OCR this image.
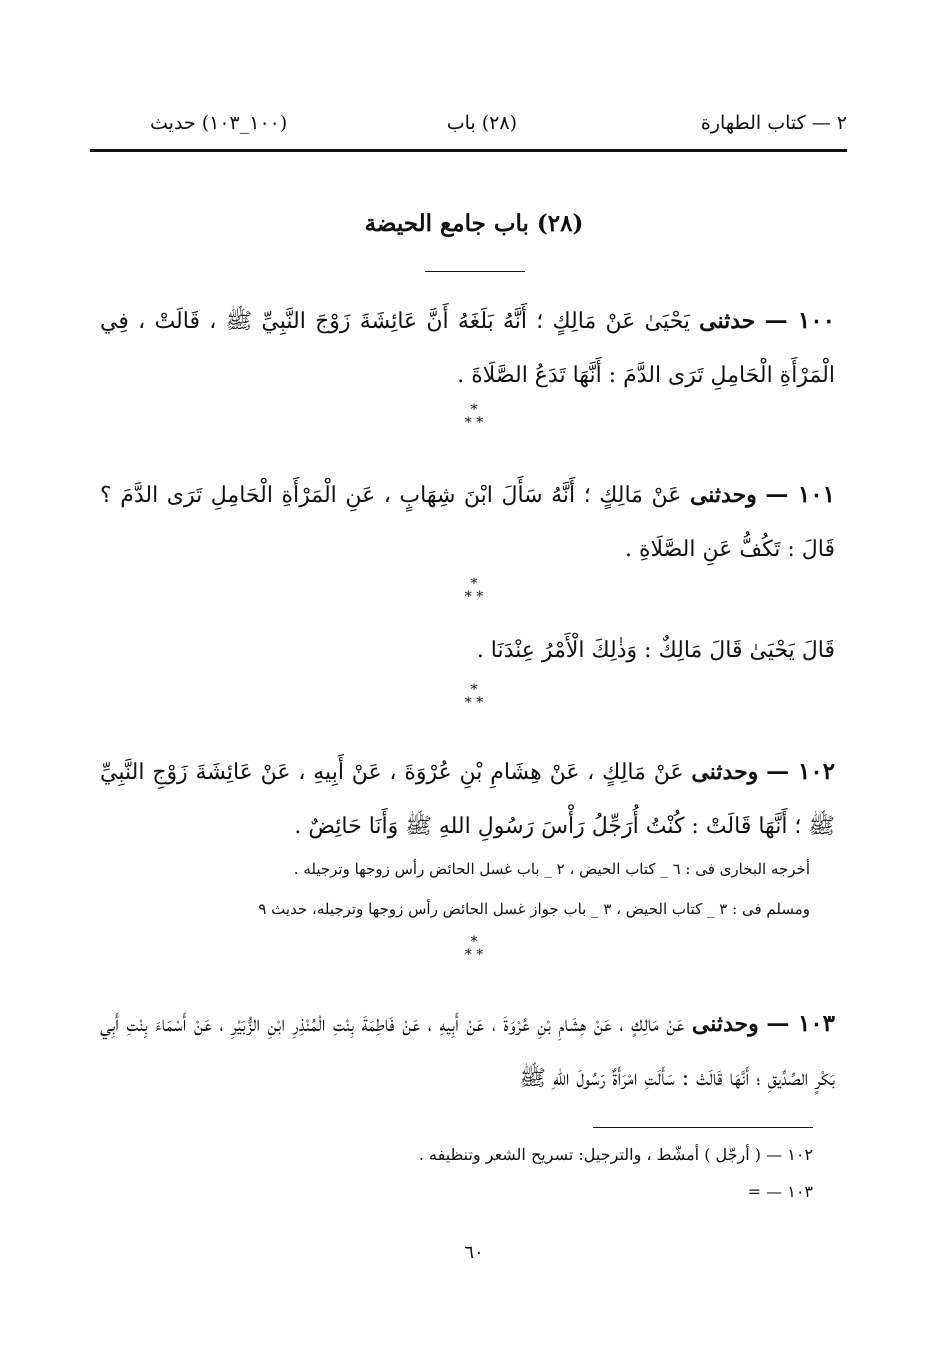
٢ — كتاب الطهارة
(٢٨) باب
(١٠٠_١٠٣) حديث
(٢٨) باب جامع الحيضة
١٠٠ — حدثنى يَحْيَىٰ عَنْ مَالِكٍ ؛ أَنَّهُ بَلَغَهُ أَنَّ عَائِشَةَ زَوْجَ النَّبِيِّ ﷺ ، قَالَتْ ، فِي الْمَرْأَةِ الْحَامِلِ تَرَى الدَّمَ : أَنَّهَا تَدَعُ الصَّلَاةَ .
*
* *
١٠١ — وحدثنى عَنْ مَالِكٍ ؛ أَنَّهُ سَأَلَ ابْنَ شِهَابٍ ، عَنِ الْمَرْأَةِ الْحَامِلِ تَرَى الدَّمَ ؟ قَالَ : تَكُفُّ عَنِ الصَّلَاةِ .
*
* *
قَالَ يَحْيَىٰ قَالَ مَالِكٌ : وَذٰلِكَ الْأَمْرُ عِنْدَنَا .
*
* *
١٠٢ — وحدثنى عَنْ مَالِكٍ ، عَنْ هِشَامِ بْنِ عُرْوَةَ ، عَنْ أَبِيهِ ، عَنْ عَائِشَةَ زَوْجِ النَّبِيِّ ﷺ ؛ أَنَّهَا قَالَتْ : كُنْتُ أُرَجِّلُ رَأْسَ رَسُولِ اللهِ ﷺ وَأَنَا حَائِضٌ .
أخرجه البخارى فى : ٦ _ كتاب الحيض ، ٢ _ باب غسل الحائض رأس زوجها وترجيله .
ومسلم فى : ٣ _ كتاب الحيض ، ٣ _ باب جواز غسل الحائض رأس زوجها وترجيله، حديث ٩
*
* *
١٠٣ — وحدثنى عَنْ مَالِكٍ ، عَنْ هِشَامِ بْنِ عُرْوَةَ ، عَنْ أَبِيهِ ، عَنْ فَاطِمَةَ بِنْتِ الْمُنْذِرِ ابْنِ الزُّبَيْرِ ، عَنْ أَسْمَاءَ بِنْتِ أَبِي بَكْرٍ الصِّدِّيقِ ؛ أَنَّهَا قَالَتْ : سَأَلَتِ امْرَأَةٌ رَسُولَ اللهِ ﷺ
١٠٢ — ( أرجّل ) أمشّط ، والترجيل: تسريح الشعر وتنظيفه .
١٠٣ — =
٦٠
